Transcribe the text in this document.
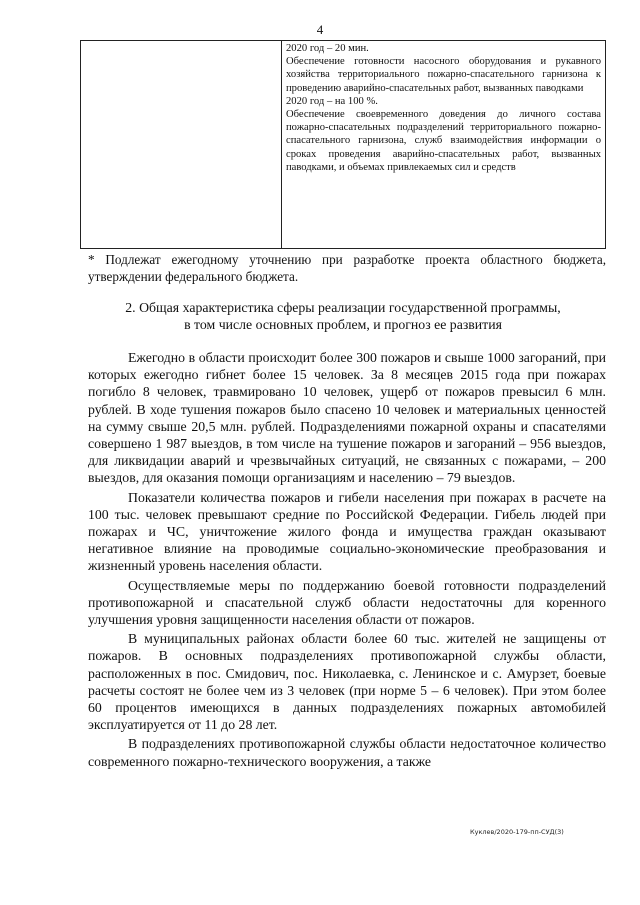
4

2020 год – 20 мин.
Обеспечение готовности насосного оборудования и рукавного хозяйства территориального пожарно-спасательного гарнизона к проведению аварийно-спасательных работ, вызванных паводками
2020 год – на 100 %.
Обеспечение своевременного доведения до личного состава пожарно-спасательных подразделений территориального пожарно-спасательного гарнизона, служб взаимодействия информации о сроках проведения аварийно-спасательных работ, вызванных паводками, и объемах привлекаемых сил и средств
* Подлежат ежегодному уточнению при разработке проекта областного бюджета, утверждении федерального бюджета.
2. Общая характеристика сферы реализации государственной программы,
в том числе основных проблем, и прогноз ее развития

Ежегодно в области происходит более 300 пожаров и свыше 1000 загораний, при которых ежегодно гибнет более 15 человек. За 8 месяцев 2015 года при пожарах погибло 8 человек, травмировано 10 человек, ущерб от пожаров превысил 6 млн. рублей. В ходе тушения пожаров было спасено 10 человек и материальных ценностей на сумму свыше 20,5 млн. рублей. Подразделениями пожарной охраны и спасателями совершено 1 987 выездов, в том числе на тушение пожаров и загораний – 956 выездов, для ликвидации аварий и чрезвычайных ситуаций, не связанных с пожарами, – 200 выездов, для оказания помощи организациям и населению – 79 выездов.

Показатели количества пожаров и гибели населения при пожарах в расчете на 100 тыс. человек превышают средние по Российской Федерации. Гибель людей при пожарах и ЧС, уничтожение жилого фонда и имущества граждан оказывают негативное влияние на проводимые социально-экономические преобразования и жизненный уровень населения области.

Осуществляемые меры по поддержанию боевой готовности подразделений противопожарной и спасательной служб области недостаточны для коренного улучшения уровня защищенности населения области от пожаров.

В муниципальных районах области более 60 тыс. жителей не защищены от пожаров. В основных подразделениях противопожарной службы области, расположенных в пос. Смидович, пос. Николаевка, с. Ленинское и с. Амурзет, боевые расчеты состоят не более чем из 3 человек (при норме 5 – 6 человек). При этом более 60 процентов имеющихся в данных подразделениях пожарных автомобилей эксплуатируется от 11 до 28 лет.

В подразделениях противопожарной службы области недостаточное количество современного пожарно-технического вооружения, а также

Куклев/2020-179-пп-СУД(3)
